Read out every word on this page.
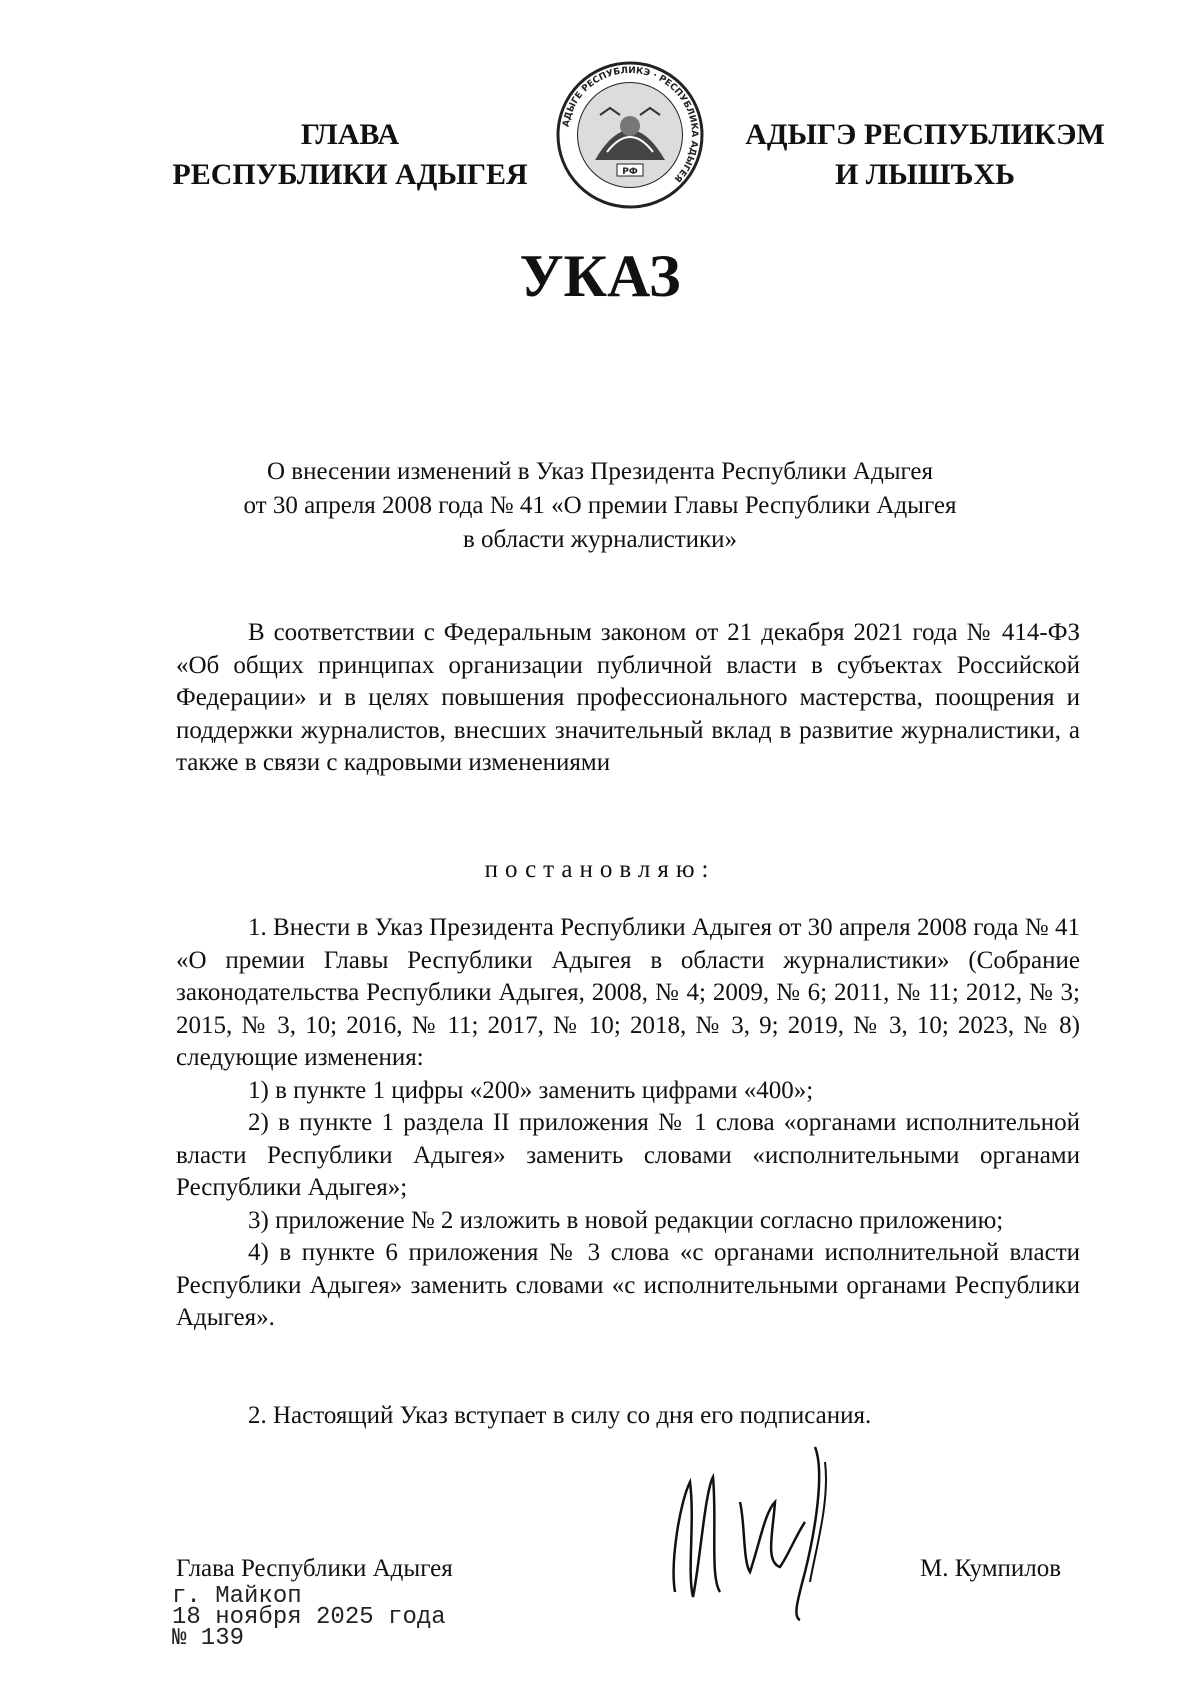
ГЛАВА
РЕСПУБЛИКИ АДЫГЕЯ
АДЫГЕ РЕСПУБЛИКЭ · РЕСПУБЛИКА АДЫГЕЯ
РФ
АДЫГЭ РЕСПУБЛИКЭМ
И ЛЫШЪХЬ
УКАЗ
О внесении изменений в Указ Президента Республики Адыгея
от 30 апреля 2008 года № 41 «О премии Главы Республики Адыгея
в области журналистики»
В соответствии с Федеральным законом от 21 декабря 2021 года № 414-ФЗ «Об общих принципах организации публичной власти в субъектах Российской Федерации» и в целях повышения профессионального мастерства, поощрения и поддержки журналистов, внесших значительный вклад в развитие журналистики, а также в связи с кадровыми изменениями
постановляю:
1. Внести в Указ Президента Республики Адыгея от 30 апреля 2008 года № 41 «О премии Главы Республики Адыгея в области журналистики» (Собрание законодательства Республики Адыгея, 2008, № 4; 2009, № 6; 2011, № 11; 2012, № 3; 2015, № 3, 10; 2016, № 11; 2017, № 10; 2018, № 3, 9; 2019, № 3, 10; 2023, № 8) следующие изменения:
1) в пункте 1 цифры «200» заменить цифрами «400»;
2) в пункте 1 раздела II приложения № 1 слова «органами исполнительной власти Республики Адыгея» заменить словами «исполнительными органами Республики Адыгея»;
3) приложение № 2 изложить в новой редакции согласно приложению;
4) в пункте 6 приложения № 3 слова «с органами исполнительной власти Республики Адыгея» заменить словами «с исполнительными органами Республики Адыгея».
2. Настоящий Указ вступает в силу со дня его подписания.
Глава Республики Адыгея	М. Кумпилов
г. Майкоп
18 ноября 2025 года
№ 139
